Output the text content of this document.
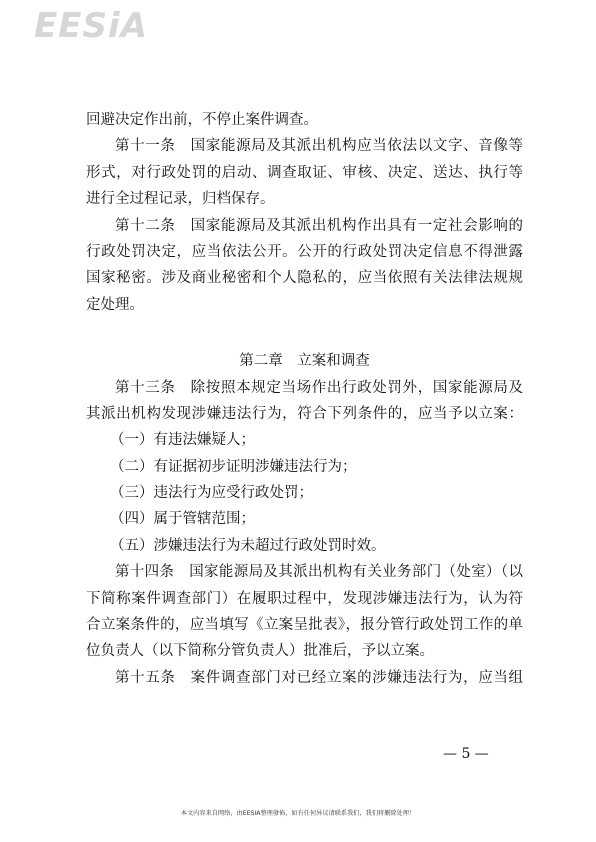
EESiA
回避决定作出前，不停止案件调查。
第十一条　国家能源局及其派出机构应当依法以文字、音像等
形式，对行政处罚的启动、调查取证、审核、决定、送达、执行等
进行全过程记录，归档保存。
第十二条　国家能源局及其派出机构作出具有一定社会影响的
行政处罚决定，应当依法公开。公开的行政处罚决定信息不得泄露
国家秘密。涉及商业秘密和个人隐私的，应当依照有关法律法规规
定处理。
第二章　立案和调查
第十三条　除按照本规定当场作出行政处罚外，国家能源局及
其派出机构发现涉嫌违法行为，符合下列条件的，应当予以立案：
（一）有违法嫌疑人；
（二）有证据初步证明涉嫌违法行为；
（三）违法行为应受行政处罚；
（四）属于管辖范围；
（五）涉嫌违法行为未超过行政处罚时效。
第十四条　国家能源局及其派出机构有关业务部门（处室）（以
下简称案件调查部门）在履职过程中，发现涉嫌违法行为，认为符
合立案条件的，应当填写《立案呈批表》，报分管行政处罚工作的单
位负责人（以下简称分管负责人）批准后，予以立案。
第十五条　案件调查部门对已经立案的涉嫌违法行为，应当组
— 5 —
本文内容来自网络，由EESIA整理發佈，如有任何异议请联系我们，我们将删除处理！
